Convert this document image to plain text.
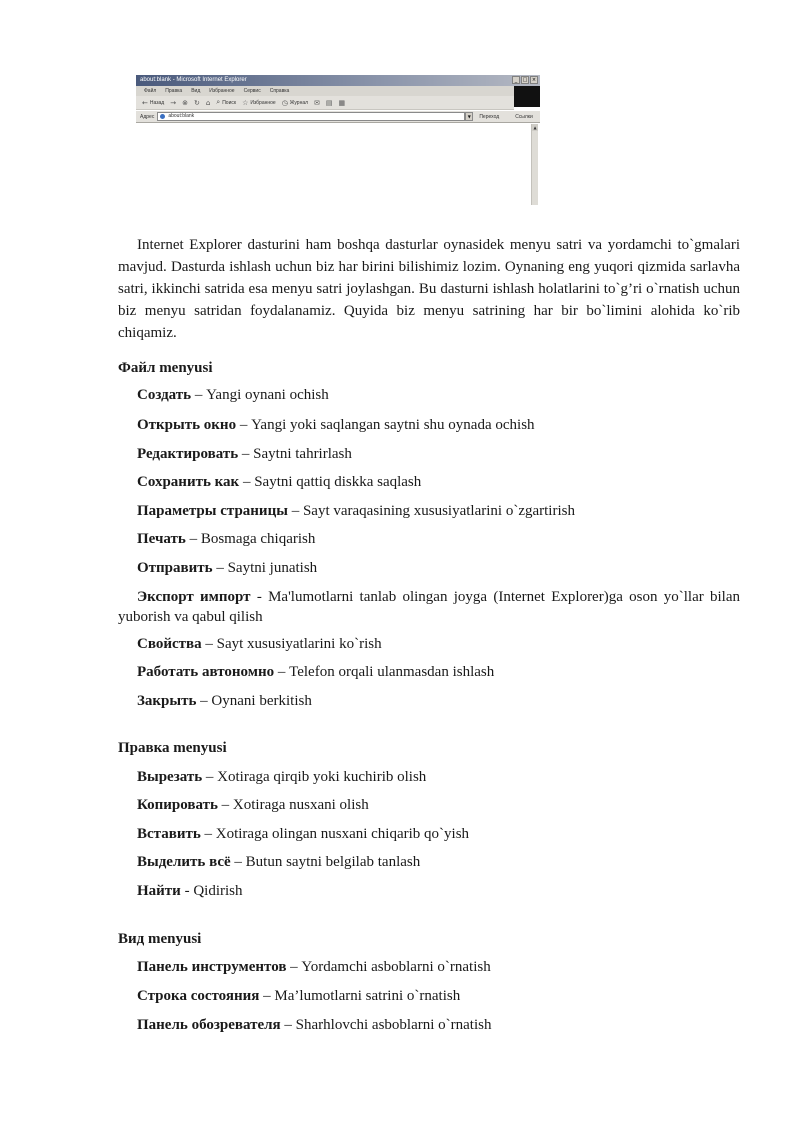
about:blank - Microsoft Internet Explorer	_	□ ×
Файл Правка Вид Избранное Сервис Справка
← Назад → ⊗ ↻ ⌂ ⌕ Поиск ☆ Избранное ◷ Журнал ✉ ▤ ▦
Адрес	about:blank	▼	Переход	Ссылки
▲

Internet Explorer dasturini ham boshqa dasturlar oynasidek menyu satri va yordamchi to`gmalari mavjud. Dasturda ishlash uchun biz har birini bilishimiz lozim. Oynaning eng yuqori qizmida sarlavha satri, ikkinchi satrida esa menyu satri joylashgan. Bu dasturni ishlash holatlarini to`g’ri o`rnatish uchun biz menyu satridan foydalanamiz. Quyida biz menyu satrining har bir bo`limini alohida ko`rib chiqamiz.

Файл menyusi

Создать – Yangi oynani ochish

Открыть окно – Yangi yoki saqlangan saytni shu oynada ochish

Редактировать – Saytni tahrirlash

Сохранить как – Saytni qattiq diskka saqlash

Параметры страницы – Sayt varaqasining xususiyatlarini o`zgartirish

Печать – Bosmaga chiqarish

Отправить – Saytni junatish

Экспорт импорт - Ma'lumotlarni tanlab olingan joyga (Internet Explorer)ga oson yo`llar bilan yuborish va qabul qilish

Свойства – Sayt xususiyatlarini ko`rish

Работать автономно – Telefon orqali ulanmasdan ishlash

Закрыть – Oynani berkitish

Правка menyusi

Вырезать – Xotiraga qirqib yoki kuchirib olish

Копировать – Xotiraga nusxani olish

Вставить – Xotiraga olingan nusxani chiqarib qo`yish

Выделить всё – Butun saytni belgilab tanlash

Найти - Qidirish

Вид menyusi

Панель инструментов – Yordamchi asboblarni o`rnatish

Строка состояния – Ma’lumotlarni satrini o`rnatish

Панель обозревателя – Sharhlovchi asboblarni o`rnatish
